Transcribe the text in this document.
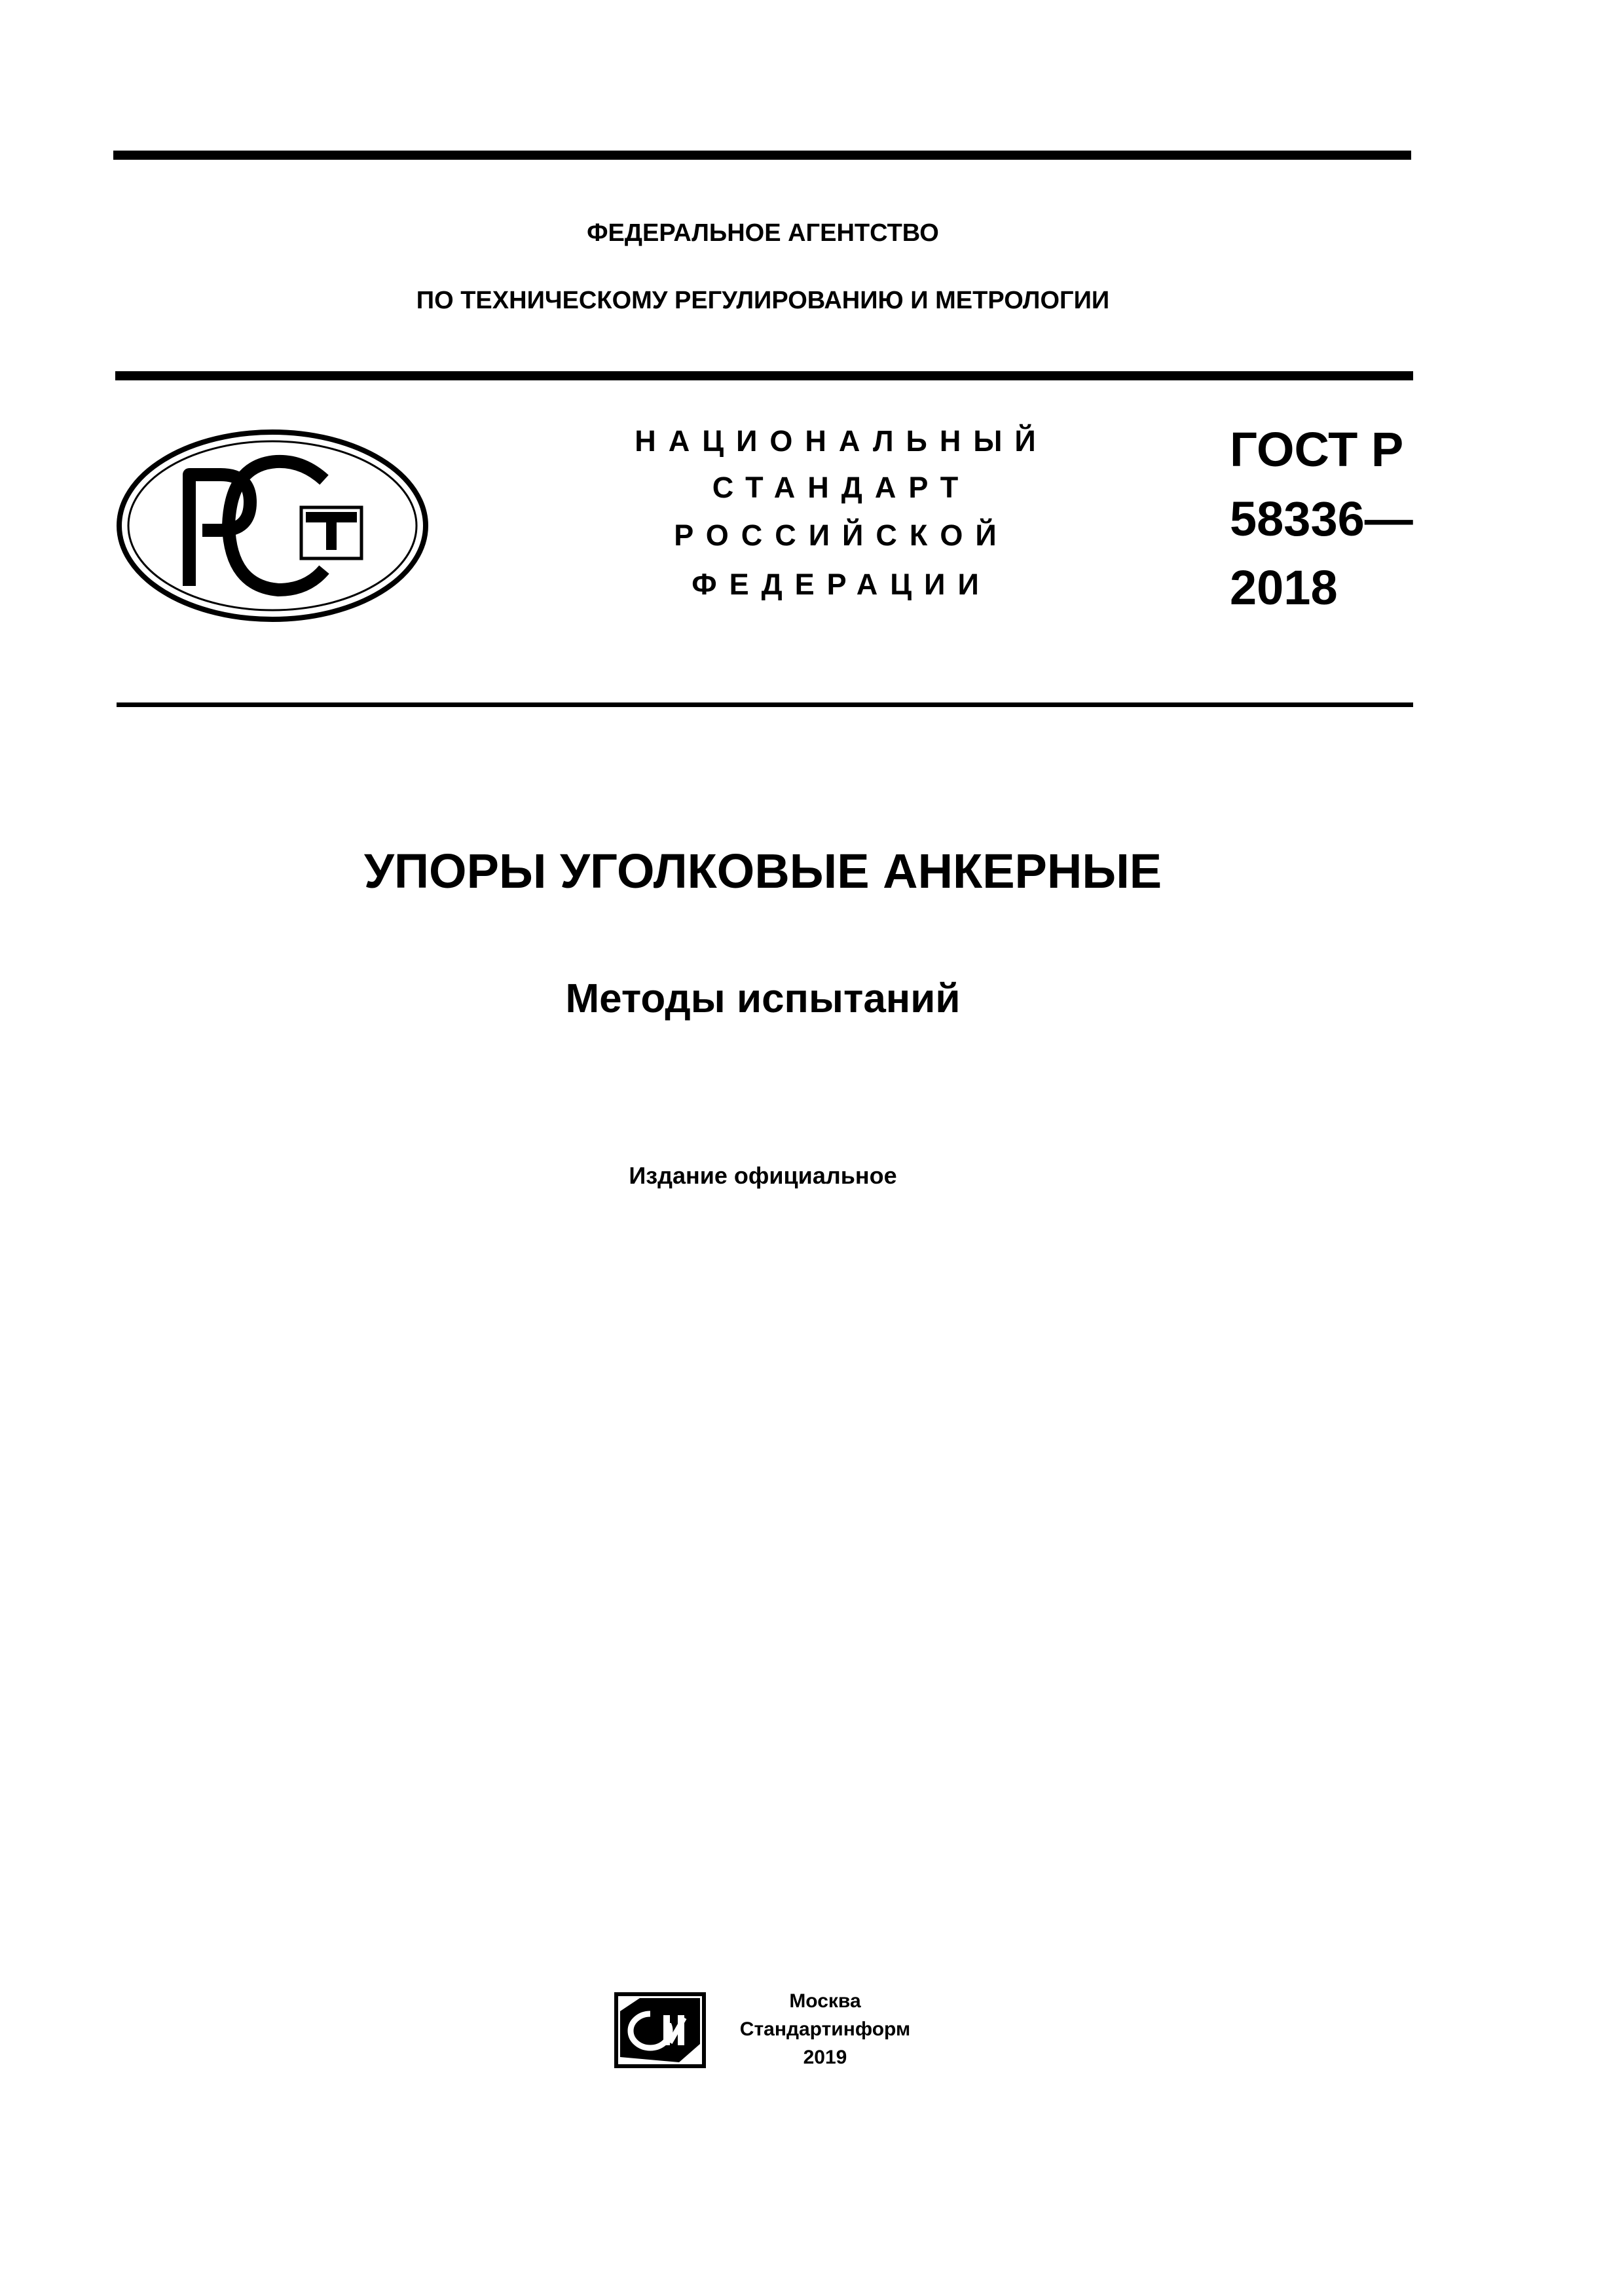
ФЕДЕРАЛЬНОЕ АГЕНТСТВО
ПО ТЕХНИЧЕСКОМУ РЕГУЛИРОВАНИЮ И МЕТРОЛОГИИ
НАЦИОНАЛЬНЫЙ
СТАНДАРТ
РОССИЙСКОЙ
ФЕДЕРАЦИИ
ГОСТ Р
58336—
2018
УПОРЫ УГОЛКОВЫЕ АНКЕРНЫЕ
Методы испытаний
Издание официальное
Москва
Стандартинформ
2019
